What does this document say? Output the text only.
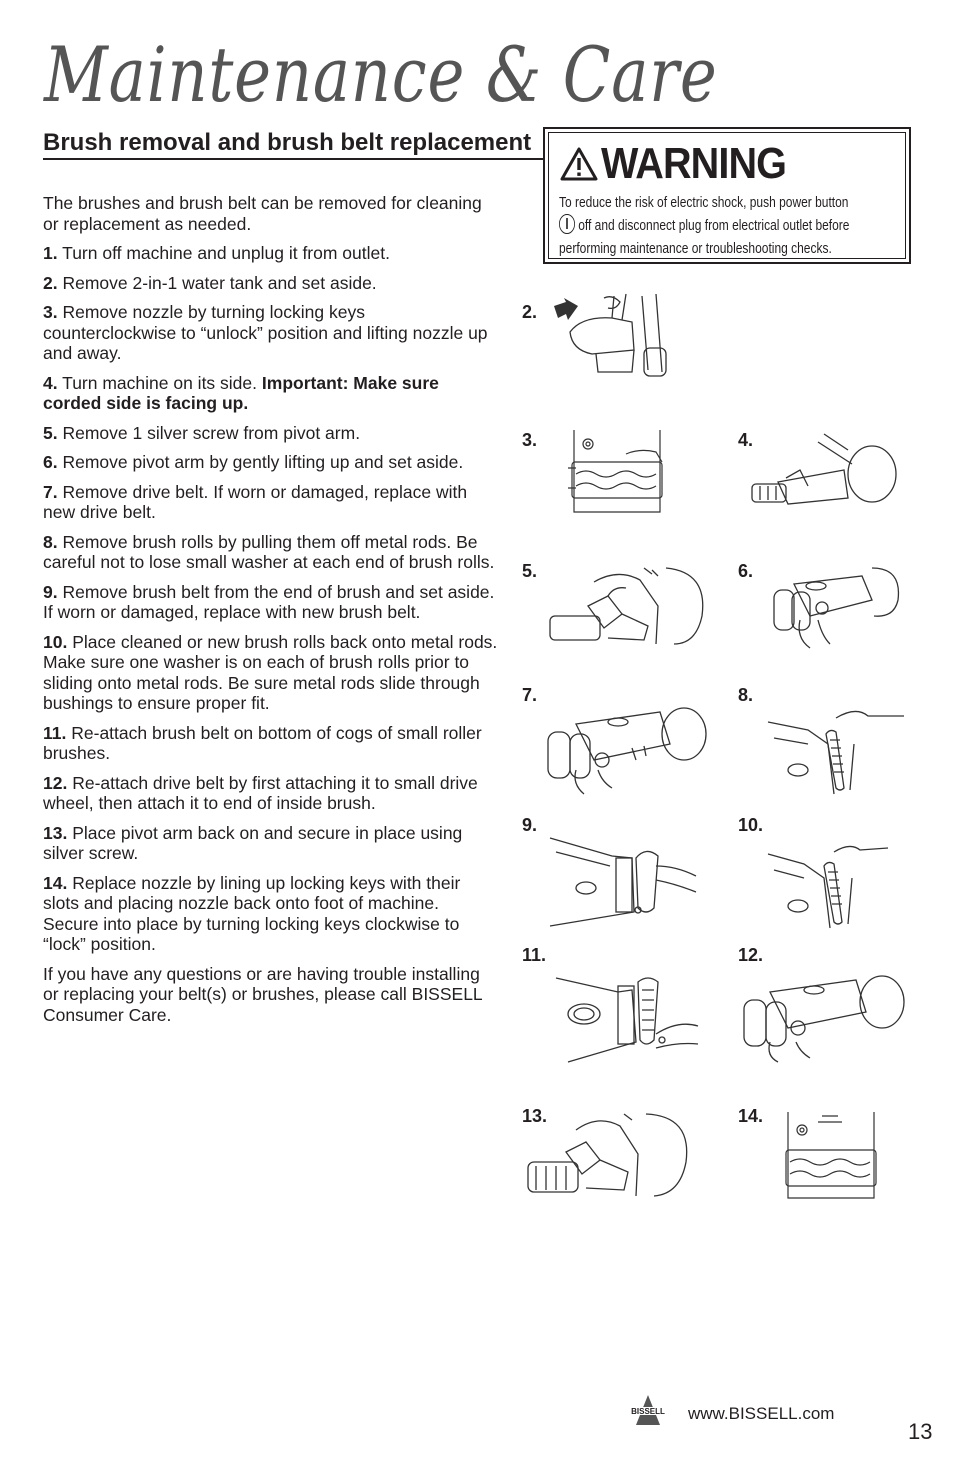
Maintenance & Care
Brush removal and brush belt replacement

The brushes and brush belt can be removed for cleaning or replacement as needed.

1. Turn off machine and unplug it from outlet.

2. Remove 2-in-1 water tank and set aside.

3. Remove nozzle by turning locking keys counterclockwise to “unlock” position and lifting nozzle up and away.

4. Turn machine on its side. Important: Make sure corded side is facing up.

5. Remove 1 silver screw from pivot arm.

6. Remove pivot arm by gently lifting up and set aside.

7. Remove drive belt. If worn or damaged, replace with new drive belt.

8. Remove brush rolls by pulling them off metal rods. Be careful not to lose small washer at each end of brush rolls.

9. Remove brush belt from the end of brush and set aside. If worn or damaged, replace with new brush belt.

10. Place cleaned or new brush rolls back onto metal rods. Make sure one washer is on each of brush rolls prior to sliding onto metal rods. Be sure metal rods slide through bushings to ensure proper fit.

11. Re-attach brush belt on bottom of cogs of small roller brushes.

12. Re-attach drive belt by first attaching it to small drive wheel, then attach it to end of inside brush.

13. Place pivot arm back on and secure in place using silver screw.

14. Replace nozzle by lining up locking keys with their slots and placing nozzle back onto foot of machine. Secure into place by turning locking keys clockwise to “lock” position.

If you have any questions or are having trouble installing or replacing your belt(s) or brushes, please call BISSELL Consumer Care.

WARNING
To reduce the risk of electric shock, push power button
off and disconnect plug from electrical outlet before performing maintenance or troubleshooting checks.
2.
3.	4.
5.	6.
7.	8.
9.	10.
11.	12.
13.	14.
BISSELL www.BISSELL.com
13
